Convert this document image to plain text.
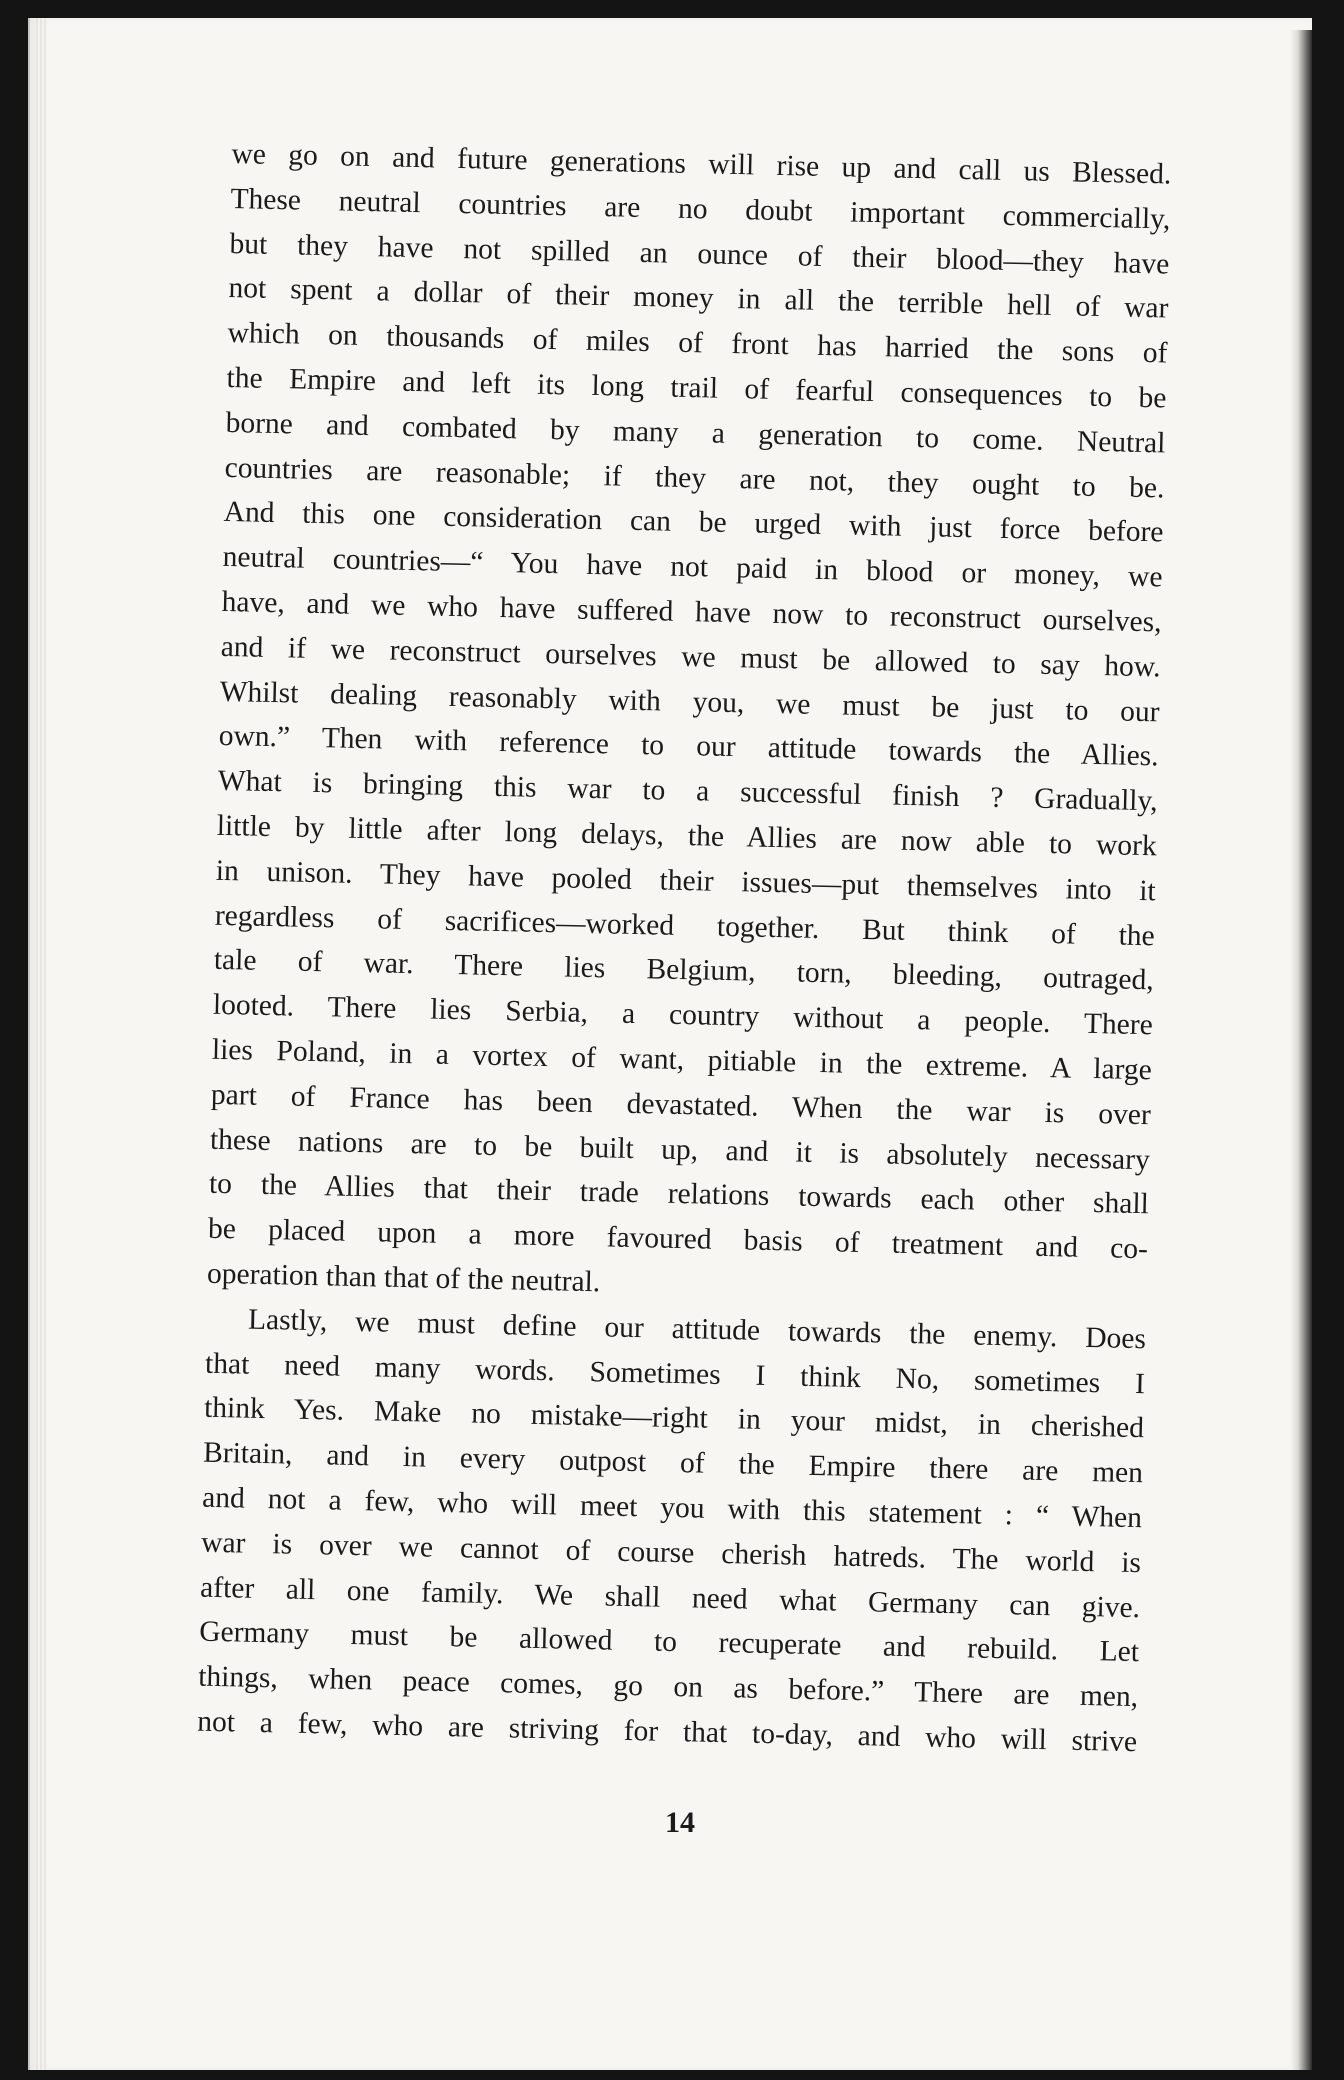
we go on and future generations will rise up and call us Blessed.

These neutral countries are no doubt important commercially,

but they have not spilled an ounce of their blood—they have

not spent a dollar of their money in all the terrible hell of war

which on thousands of miles of front has harried the sons of

the Empire and left its long trail of fearful consequences to be

borne and combated by many a generation to come. Neutral

countries are reasonable; if they are not, they ought to be.

And this one consideration can be urged with just force before

neutral countries—“ You have not paid in blood or money, we

have, and we who have suffered have now to reconstruct ourselves,

and if we reconstruct ourselves we must be allowed to say how.

Whilst dealing reasonably with you, we must be just to our

own.” Then with reference to our attitude towards the Allies.

What is bringing this war to a successful finish ? Gradually,

little by little after long delays, the Allies are now able to work

in unison. They have pooled their issues—put themselves into it

regardless of sacrifices—worked together. But think of the

tale of war. There lies Belgium, torn, bleeding, outraged,

looted. There lies Serbia, a country without a people. There

lies Poland, in a vortex of want, pitiable in the extreme. A large

part of France has been devastated. When the war is over

these nations are to be built up, and it is absolutely necessary

to the Allies that their trade relations towards each other shall

be placed upon a more favoured basis of treatment and co-

operation than that of the neutral.

Lastly, we must define our attitude towards the enemy. Does

that need many words. Sometimes I think No, sometimes I

think Yes. Make no mistake—right in your midst, in cherished

Britain, and in every outpost of the Empire there are men

and not a few, who will meet you with this statement : “ When

war is over we cannot of course cherish hatreds. The world is

after all one family. We shall need what Germany can give.

Germany must be allowed to recuperate and rebuild. Let

things, when peace comes, go on as before.” There are men,

not a few, who are striving for that to-day, and who will strive

14
